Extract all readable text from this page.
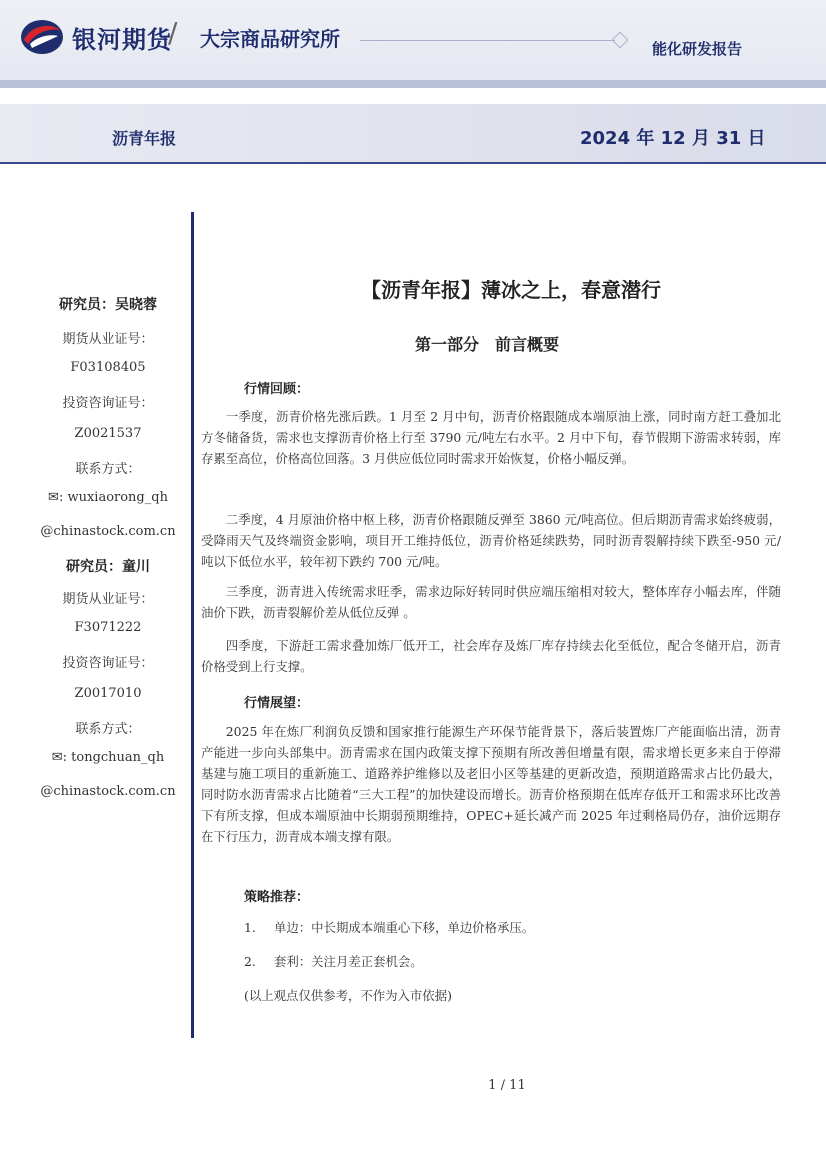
银河期货
/ 大宗商品研究所	能化研发报告
沥青年报	2024 年 12 月 31 日
研究员：吴晓蓉
期货从业证号：
F03108405
投资咨询证号：
Z0021537
联系方式：
✉: wuxiaorong_qh
@chinastock.com.cn
研究员：童川
期货从业证号：
F3071222
投资咨询证号：
Z0017010
联系方式：
✉: tongchuan_qh
@chinastock.com.cn
【沥青年报】薄冰之上，春意潜行
第一部分　前言概要
行情回顾：

一季度，沥青价格先涨后跌。1 月至 2 月中旬，沥青价格跟随成本端原油上涨，同时南方赶工叠加北方冬储备货，需求也支撑沥青价格上行至 3790 元/吨左右水平。2 月中下旬，春节假期下游需求转弱，库存累至高位，价格高位回落。3 月供应低位同时需求开始恢复，价格小幅反弹。

二季度，4 月原油价格中枢上移，沥青价格跟随反弹至 3860 元/吨高位。但后期沥青需求始终疲弱，受降雨天气及终端资金影响，项目开工维持低位，沥青价格延续跌势，同时沥青裂解持续下跌至-950 元/吨以下低位水平，较年初下跌约 700 元/吨。

三季度，沥青进入传统需求旺季，需求边际好转同时供应端压缩相对较大，整体库存小幅去库，伴随油价下跌，沥青裂解价差从低位反弹 。

四季度，下游赶工需求叠加炼厂低开工，社会库存及炼厂库存持续去化至低位，配合冬储开启，沥青价格受到上行支撑。

行情展望：

2025 年在炼厂利润负反馈和国家推行能源生产环保节能背景下，落后装置炼厂产能面临出清，沥青产能进一步向头部集中。沥青需求在国内政策支撑下预期有所改善但增量有限，需求增长更多来自于停滞基建与施工项目的重新施工、道路养护维修以及老旧小区等基建的更新改造，预期道路需求占比仍最大，同时防水沥青需求占比随着“三大工程”的加快建设而增长。沥青价格预期在低库存低开工和需求环比改善下有所支撑，但成本端原油中长期弱预期维持，OPEC+延长减产而 2025 年过剩格局仍存，油价远期存在下行压力，沥青成本端支撑有限。

策略推荐：
1. 单边：中长期成本端重心下移，单边价格承压。
2. 套利：关注月差正套机会。
(以上观点仅供参考，不作为入市依据)
1 / 11
